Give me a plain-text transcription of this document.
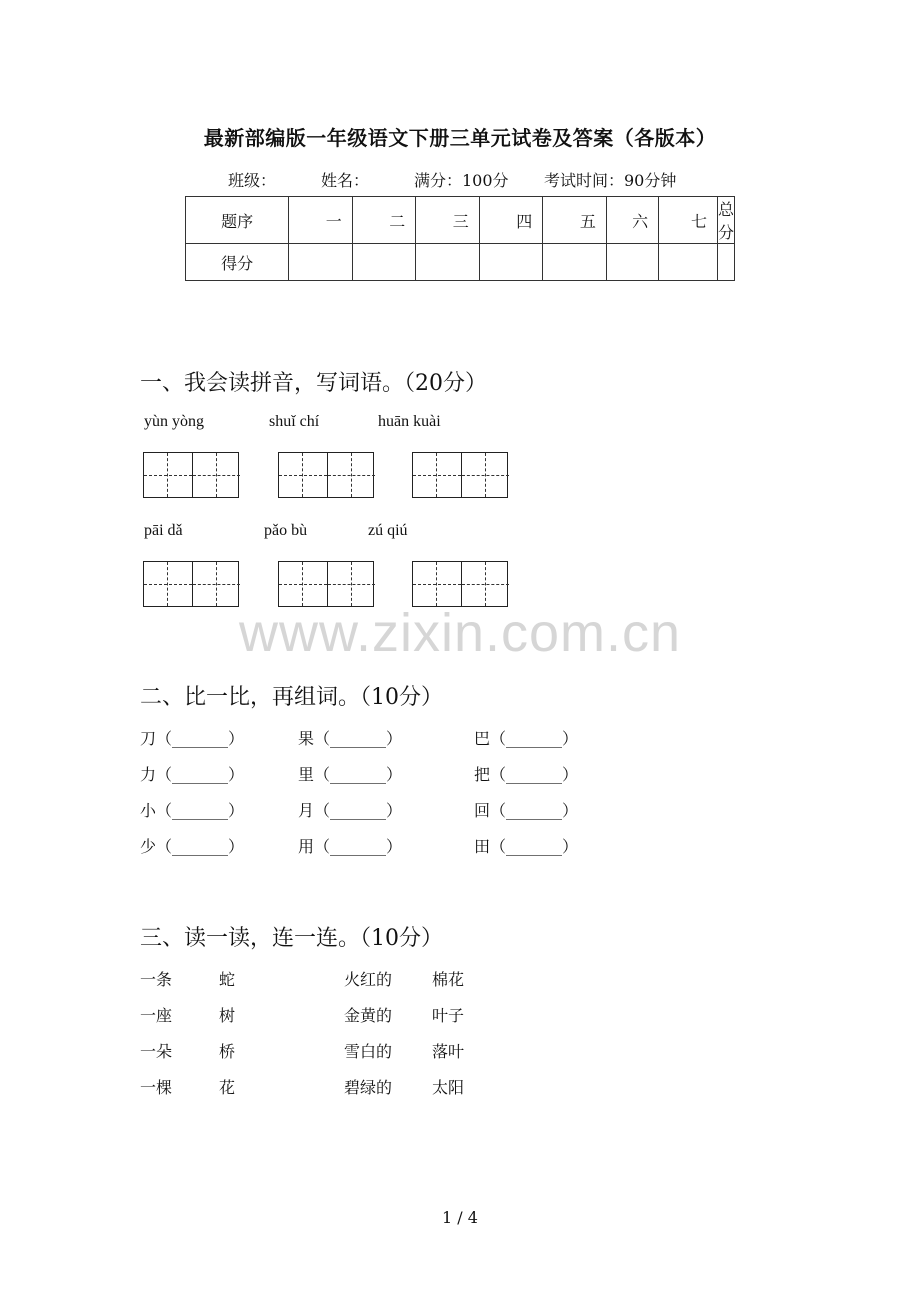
最新部编版一年级语文下册三单元试卷及答案（各版本）
班级：	姓名：	满分：100分 考试时间：90分钟
题序	一	二	三	四	五	六	七	总分
得分								
一、我会读拼音，写词语。（20分）
yùn yòng	shuǐ chí	huān kuài
pāi dǎ	pǎo bù	zú qiú
www.zixin.com.cn
二、比一比，再组词。（10分）
刀（_______）	果（_______）	巴（_______）
力（_______）	里（_______）	把（_______）
小（_______）	月（_______）	回（_______）
少（_______）	用（_______）	田（_______）
三、读一读，连一连。（10分）
一条	蛇	火红的 棉花
一座	树	金黄的 叶子
一朵	桥	雪白的 落叶
一棵	花	碧绿的 太阳
1 / 4
